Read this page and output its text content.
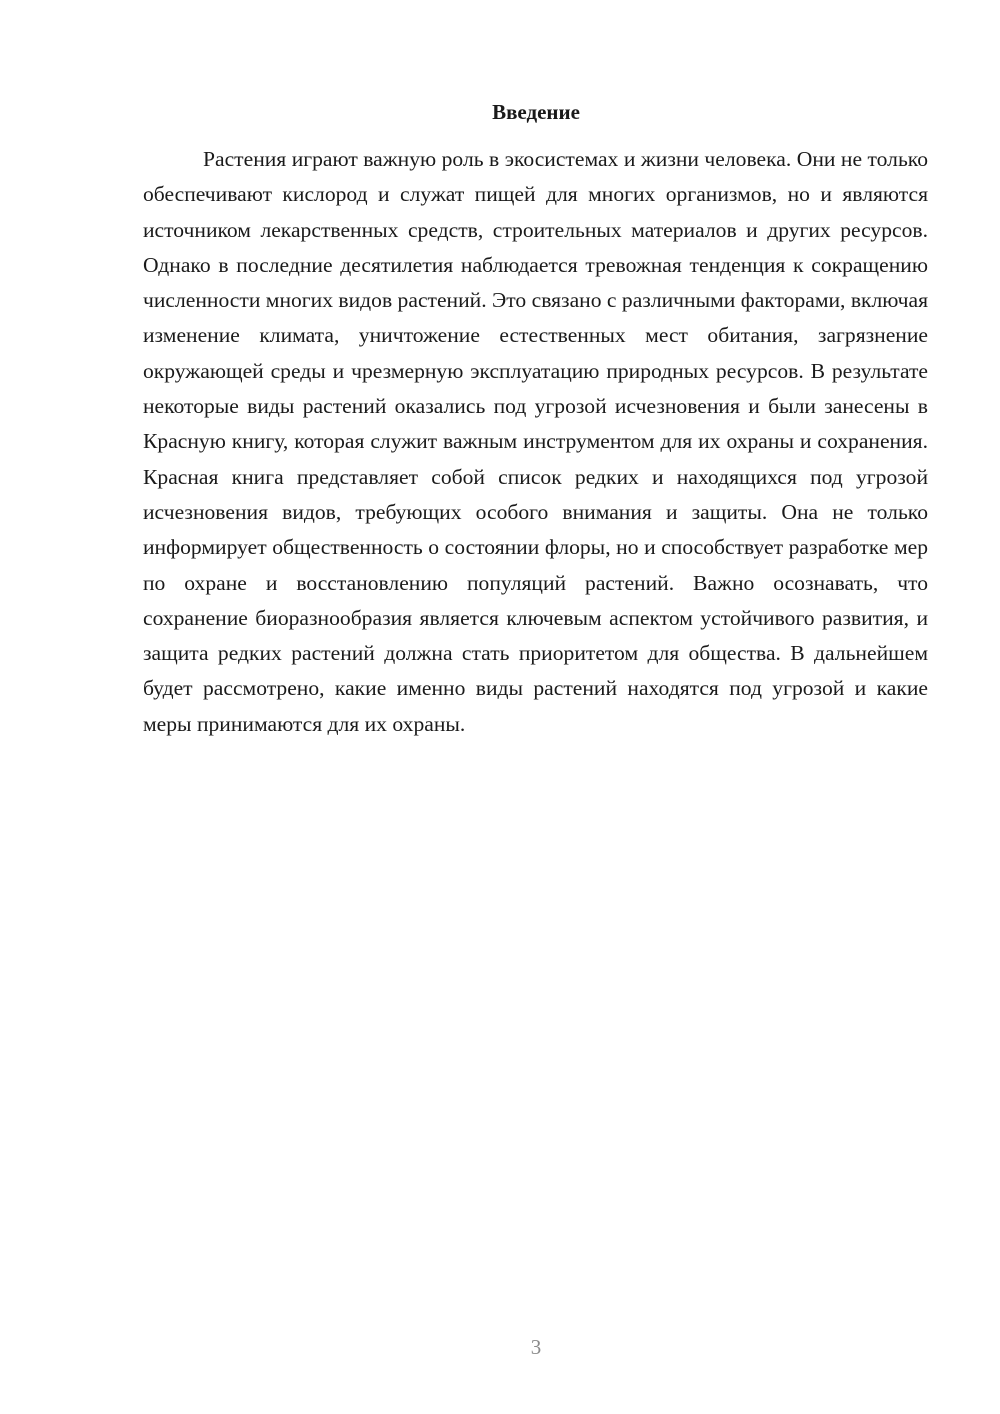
Введение

Растения играют важную роль в экосистемах и жизни человека. Они не только обеспечивают кислород и служат пищей для многих организмов, но и являются источником лекарственных средств, строительных материалов и других ресурсов. Однако в последние десятилетия наблюдается тревожная тенденция к сокращению численности многих видов растений. Это связано с различными факторами, включая изменение климата, уничтожение естественных мест обитания, загрязнение окружающей среды и чрезмерную эксплуатацию природных ресурсов. В результате некоторые виды растений оказались под угрозой исчезновения и были занесены в Красную книгу, которая служит важным инструментом для их охраны и сохранения. Красная книга представляет собой список редких и находящихся под угрозой исчезновения видов, требующих особого внимания и защиты. Она не только информирует общественность о состоянии флоры, но и способствует разработке мер по охране и восстановлению популяций растений. Важно осознавать, что сохранение биоразнообразия является ключевым аспектом устойчивого развития, и защита редких растений должна стать приоритетом для общества. В дальнейшем будет рассмотрено, какие именно виды растений находятся под угрозой и какие меры принимаются для их охраны.

3
